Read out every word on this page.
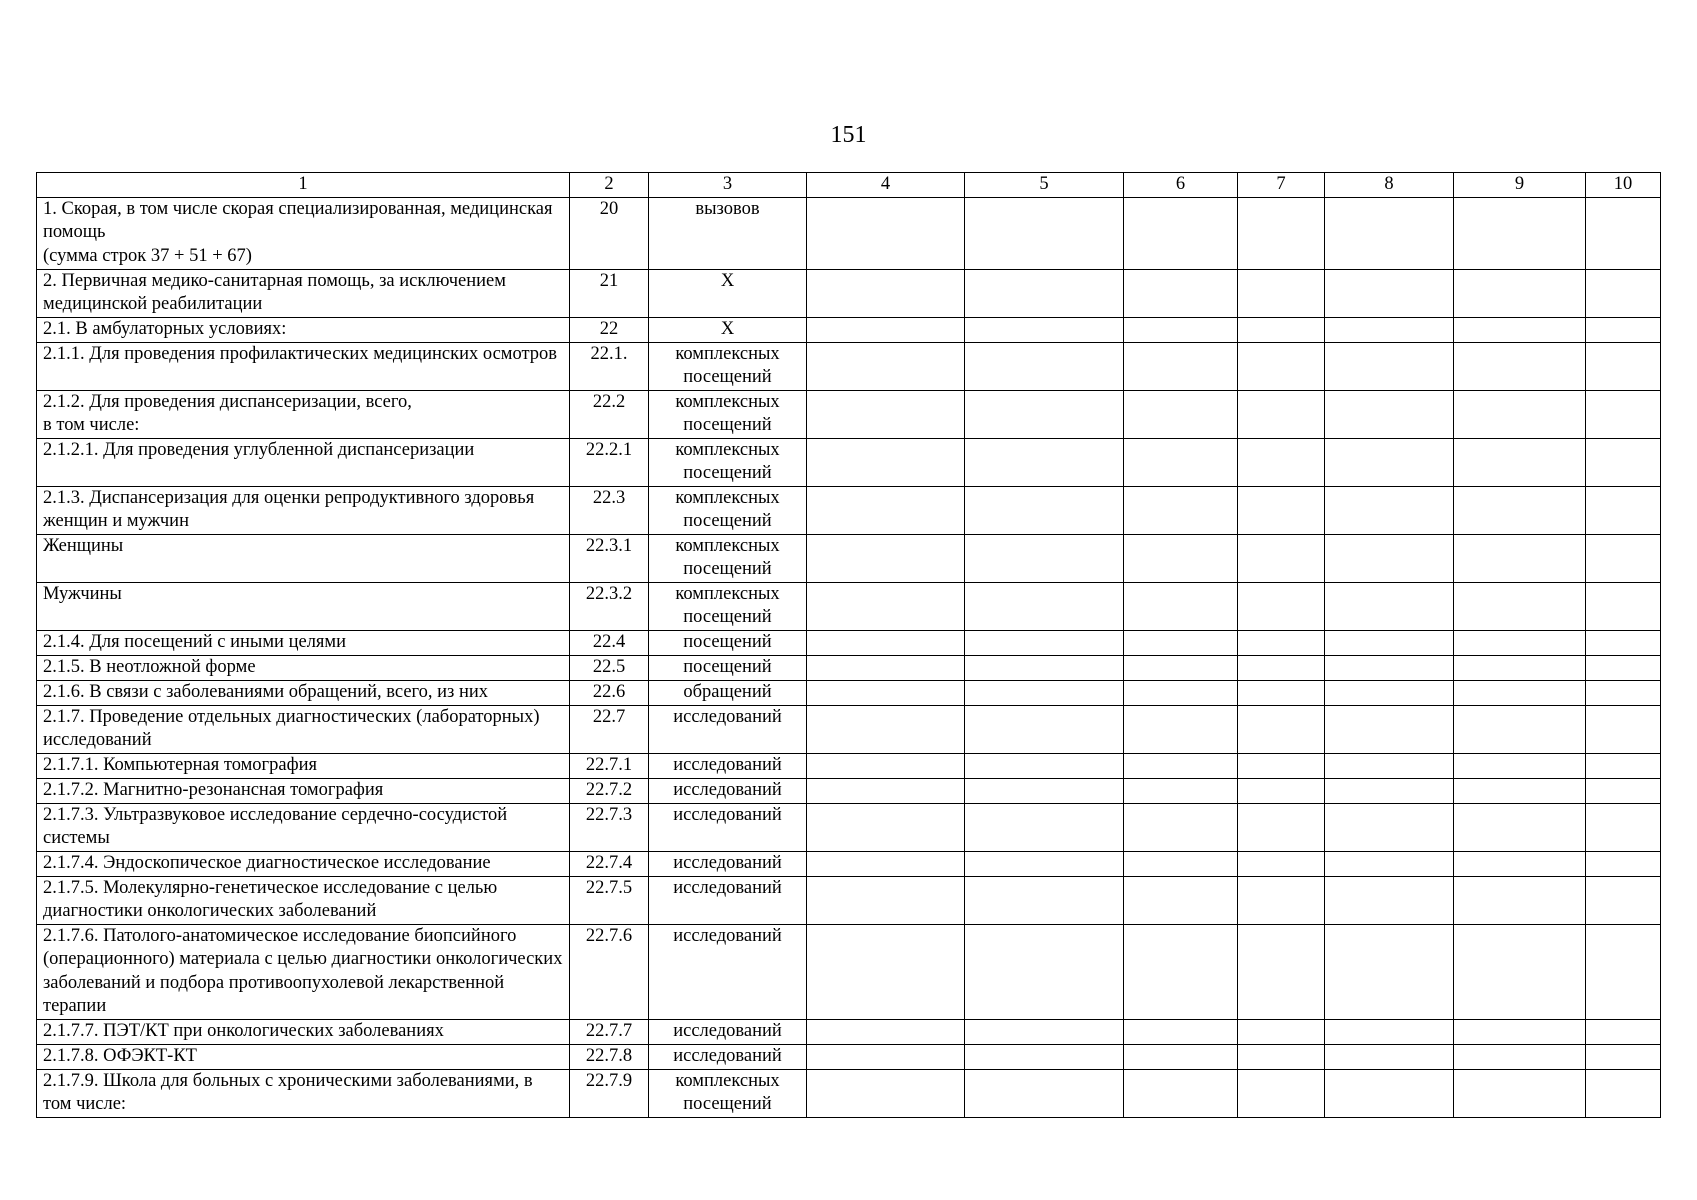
151
1	2	3	4	5	6	7	8	9	10
1. Скорая, в том числе скорая специализированная, медицинская помощь
(сумма строк 37 + 51 + 67)	20	вызовов							
2. Первичная медико-санитарная помощь, за исключением медицинской реабилитации	21	Х							
2.1. В амбулаторных условиях:	22	Х							
2.1.1. Для проведения профилактических медицинских осмотров	22.1.	комплексных посещений							
2.1.2. Для проведения диспансеризации, всего,
в том числе:	22.2	комплексных посещений							
2.1.2.1. Для проведения углубленной диспансеризации	22.2.1	комплексных посещений							
2.1.3. Диспансеризация для оценки репродуктивного здоровья женщин и мужчин	22.3	комплексных посещений							
Женщины	22.3.1	комплексных посещений							
Мужчины	22.3.2	комплексных посещений							
2.1.4. Для посещений с иными целями	22.4	посещений							
2.1.5. В неотложной форме	22.5	посещений							
2.1.6. В связи с заболеваниями обращений, всего, из них	22.6	обращений							
2.1.7. Проведение отдельных диагностических (лабораторных) исследований	22.7	исследований							
2.1.7.1. Компьютерная томография	22.7.1	исследований							
2.1.7.2. Магнитно-резонансная томография	22.7.2	исследований							
2.1.7.3. Ультразвуковое исследование сердечно-сосудистой системы	22.7.3	исследований							
2.1.7.4. Эндоскопическое диагностическое исследование	22.7.4	исследований							
2.1.7.5. Молекулярно-генетическое исследование с целью диагностики онкологических заболеваний	22.7.5	исследований							
2.1.7.6. Патолого-анатомическое исследование биопсийного (операционного) материала с целью диагностики онкологических заболеваний и подбора противоопухолевой лекарственной терапии	22.7.6	исследований							
2.1.7.7. ПЭТ/КТ при онкологических заболеваниях	22.7.7	исследований							
2.1.7.8. ОФЭКТ-КТ	22.7.8	исследований							
2.1.7.9. Школа для больных с хроническими заболеваниями, в том числе:	22.7.9	комплексных посещений							
